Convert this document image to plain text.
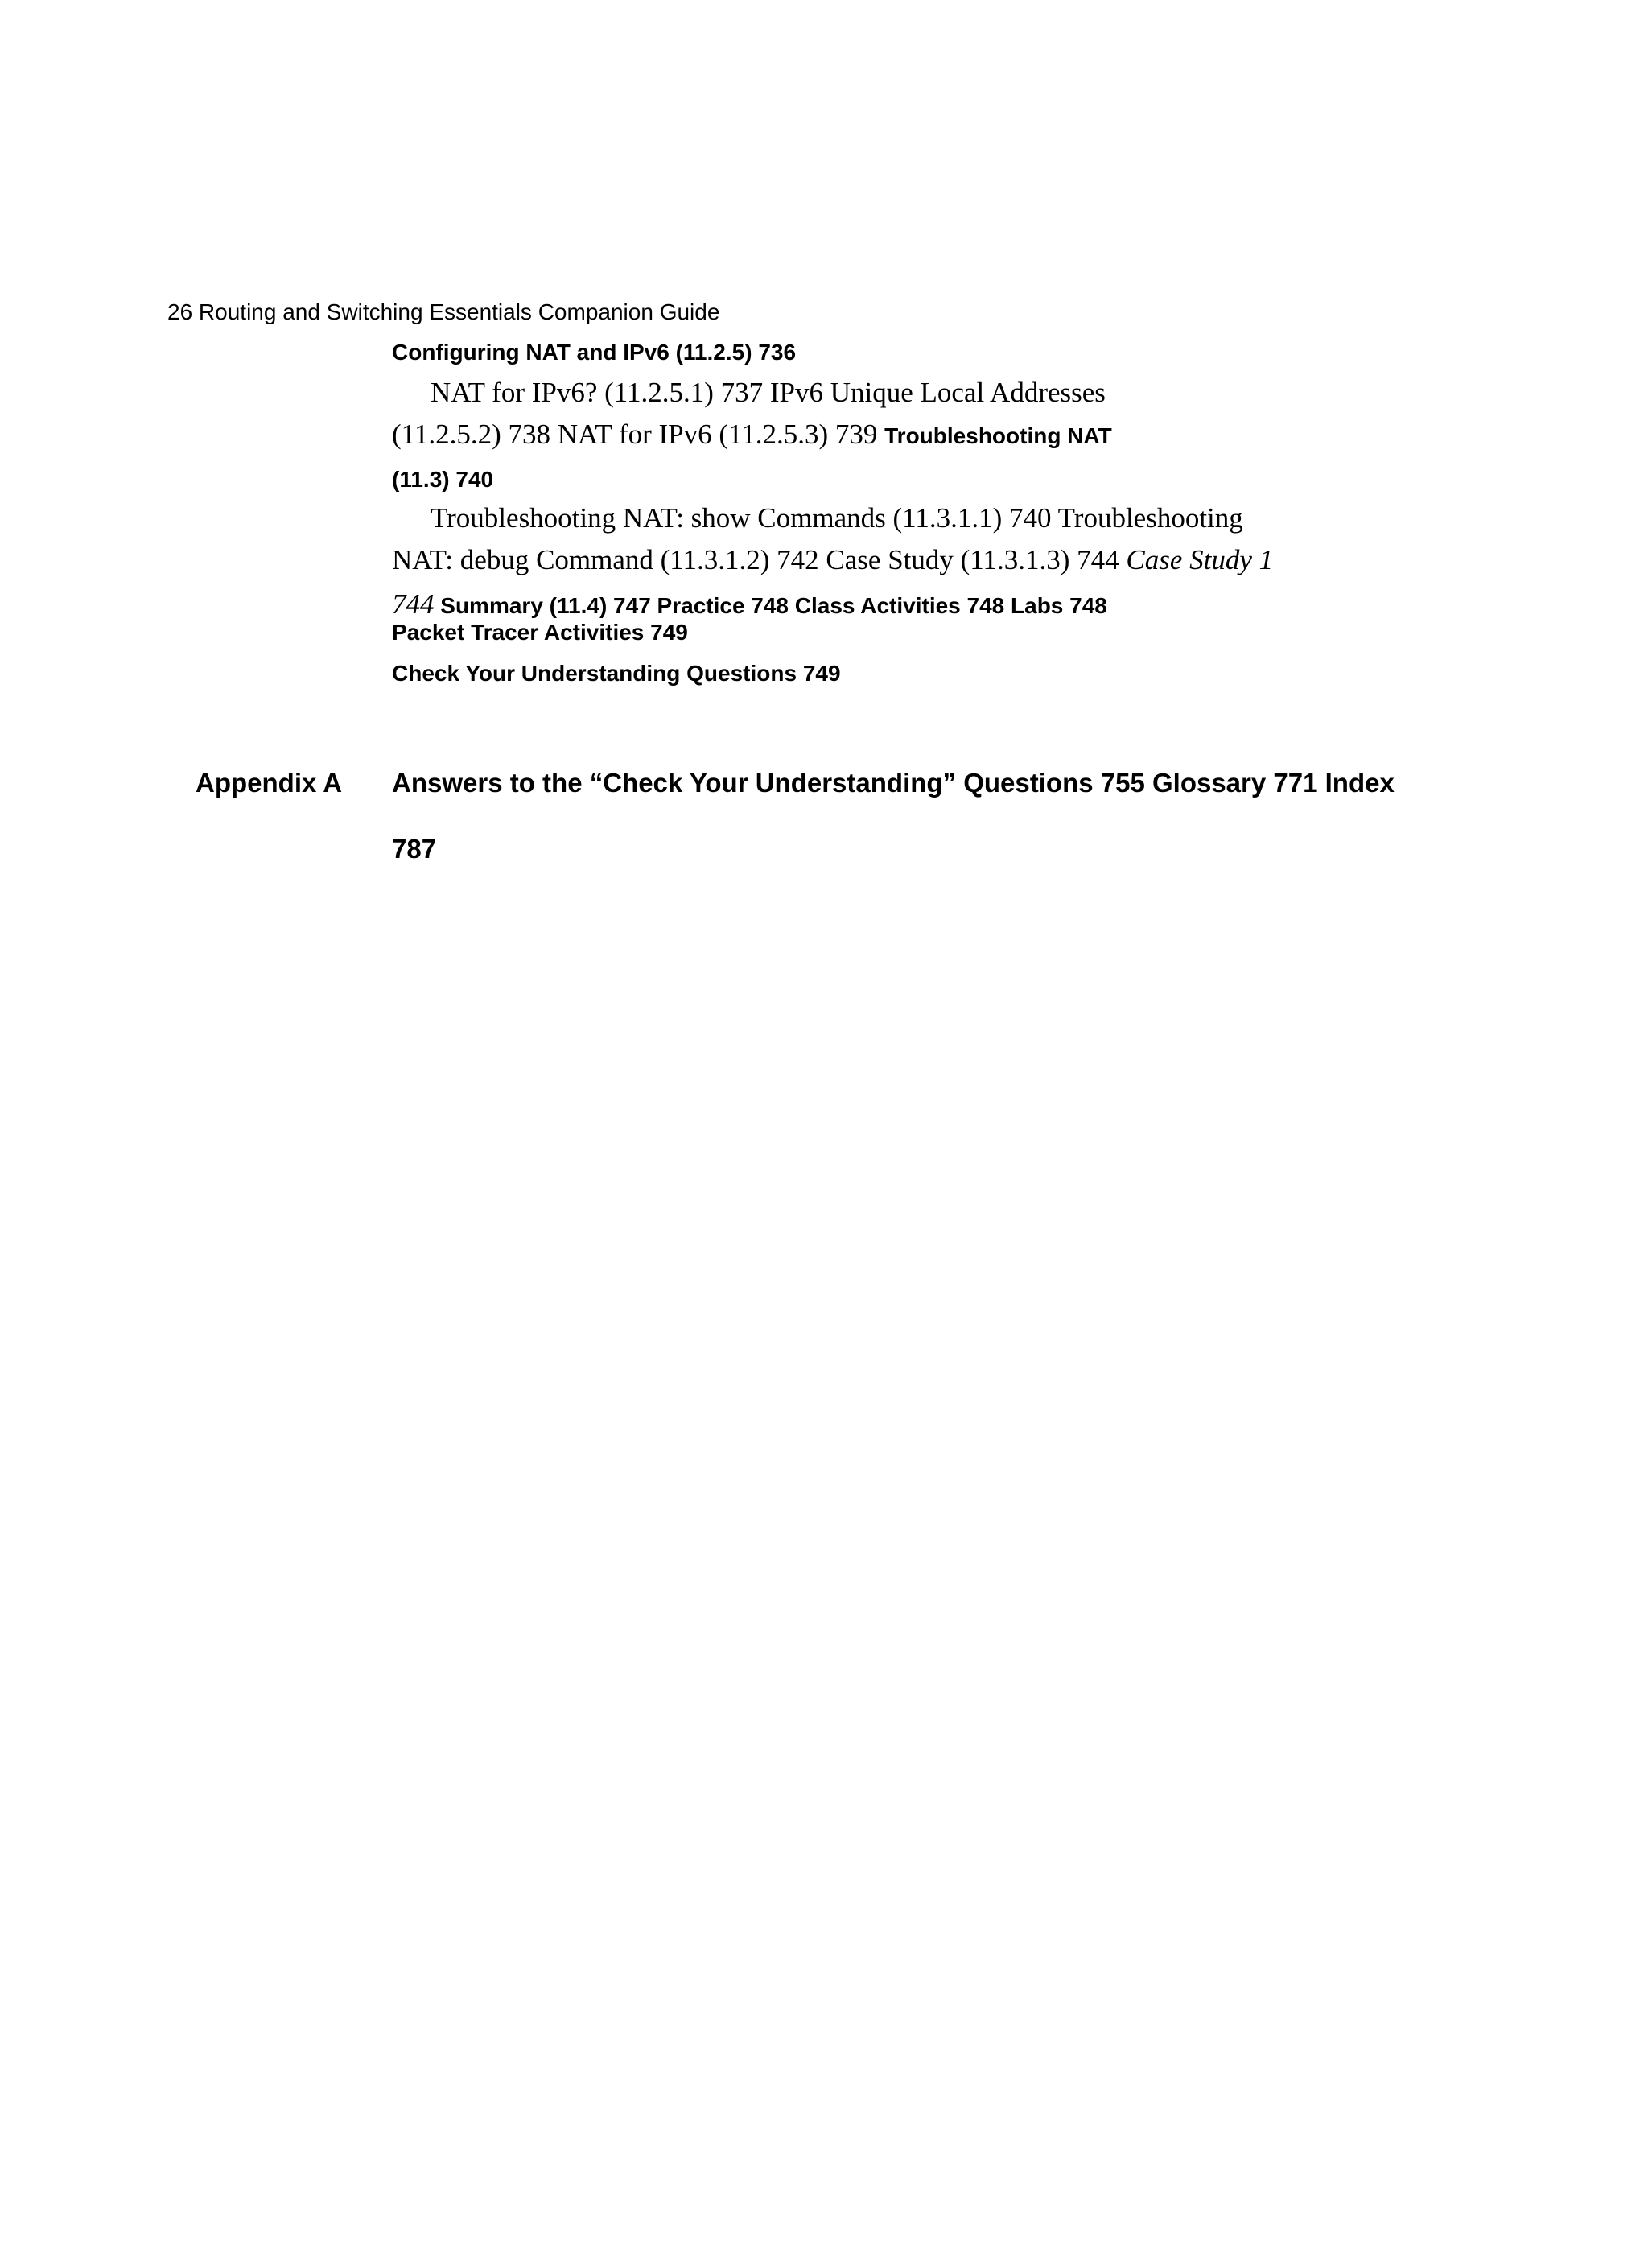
26 Routing and Switching Essentials Companion Guide
Configuring NAT and IPv6 (11.2.5) 736
NAT for IPv6? (11.2.5.1) 737 IPv6 Unique Local Addresses
(11.2.5.2) 738 NAT for IPv6 (11.2.5.3) 739 Troubleshooting NAT
(11.3) 740
Troubleshooting NAT: show Commands (11.3.1.1) 740 Troubleshooting
NAT: debug Command (11.3.1.2) 742 Case Study (11.3.1.3) 744 Case Study 1
744 Summary (11.4) 747 Practice 748 Class Activities 748 Labs 748
Packet Tracer Activities 749
Check Your Understanding Questions 749
Appendix A Answers to the “Check Your Understanding” Questions 755 Glossary 771 Index
787
